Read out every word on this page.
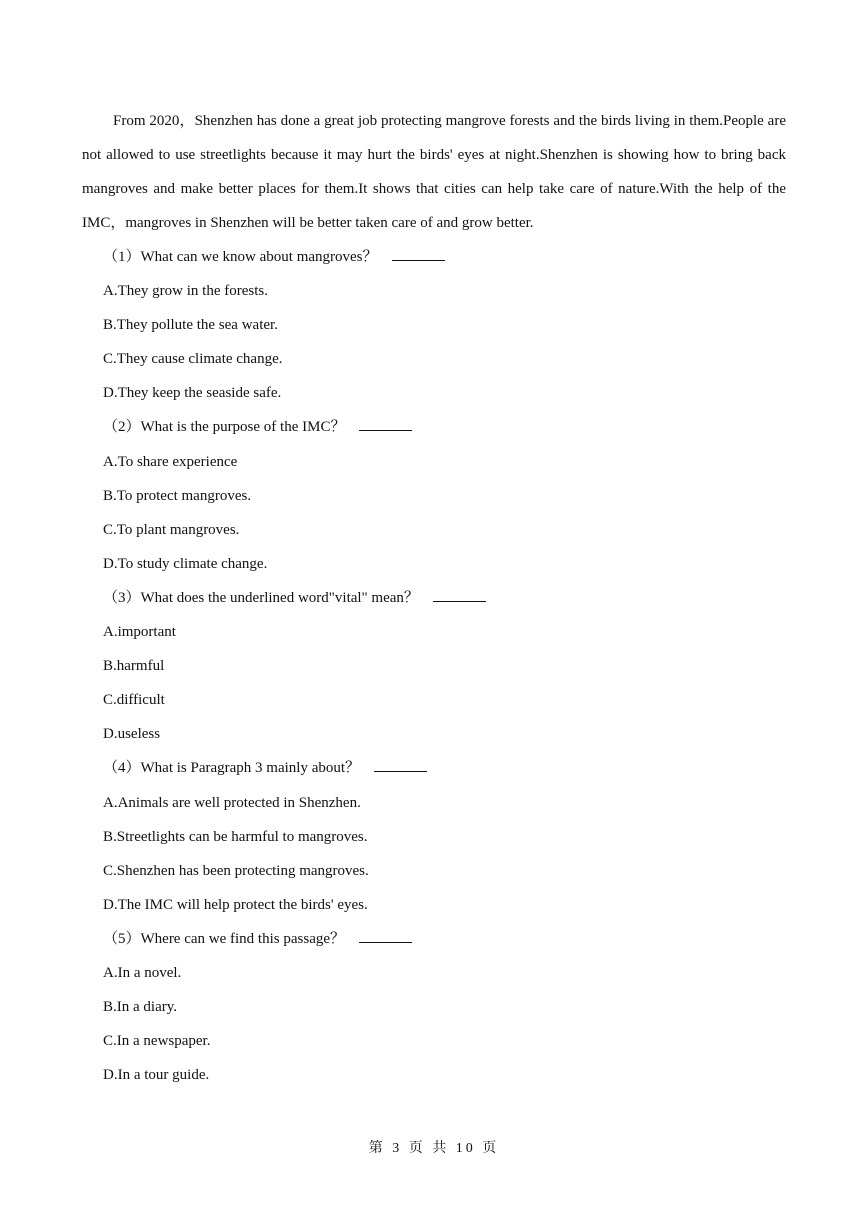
From 2020，Shenzhen has done a great job protecting mangrove forests and the birds living in them.People are not allowed to use streetlights because it may hurt the birds' eyes at night.Shenzhen is showing how to bring back mangroves and make better places for them.It shows that cities can help take care of nature.With the help of the IMC，mangroves in Shenzhen will be better taken care of and grow better.

（1）What can we know about mangroves？
A.They grow in the forests.
B.They pollute the sea water.
C.They cause climate change.
D.They keep the seaside safe.
（2）What is the purpose of the IMC？
A.To share experience
B.To protect mangroves.
C.To plant mangroves.
D.To study climate change.
（3）What does the underlined word"vital" mean？
A.important
B.harmful
C.difficult
D.useless
（4）What is Paragraph 3 mainly about？
A.Animals are well protected in Shenzhen.
B.Streetlights can be harmful to mangroves.
C.Shenzhen has been protecting mangroves.
D.The IMC will help protect the birds' eyes.
（5）Where can we find this passage？
A.In a novel.
B.In a diary.
C.In a newspaper.
D.In a tour guide.
第 3 页 共 10 页
